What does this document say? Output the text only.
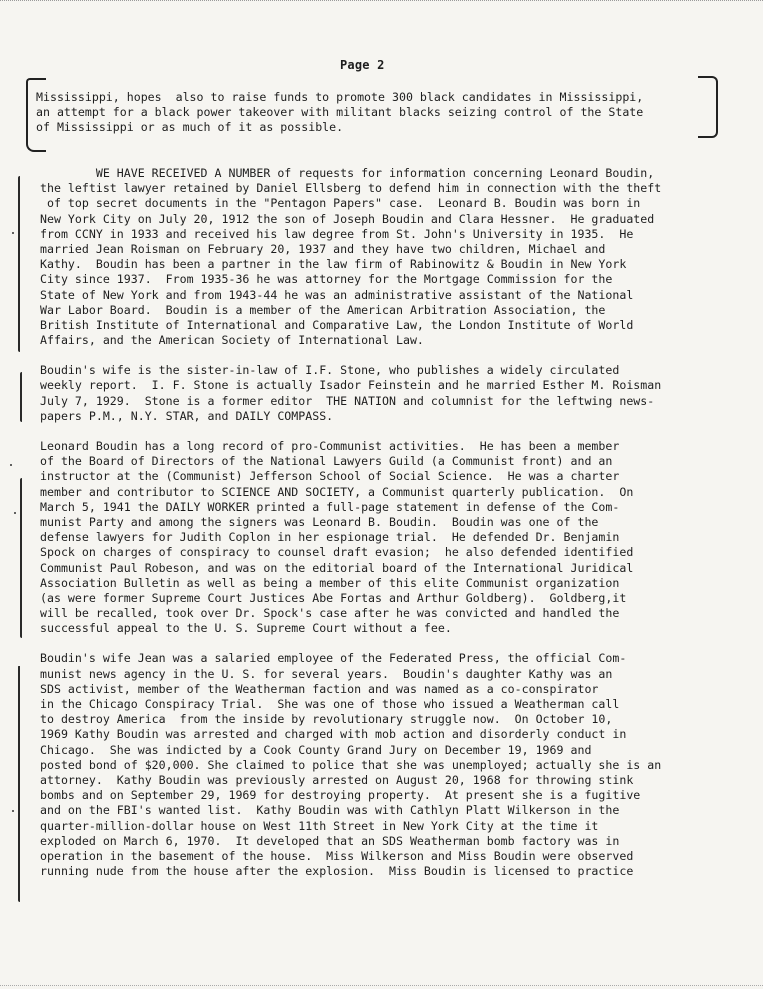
Page 2
Mississippi, hopes  also to raise funds to promote 300 black candidates in Mississippi,
an attempt for a black power takeover with militant blacks seizing control of the State
of Mississippi or as much of it as possible.
WE HAVE RECEIVED A NUMBER of requests for information concerning Leonard Boudin,
the leftist lawyer retained by Daniel Ellsberg to defend him in connection with the theft
of top secret documents in the "Pentagon Papers" case.  Leonard B. Boudin was born in
New York City on July 20, 1912 the son of Joseph Boudin and Clara Hessner.  He graduated
from CCNY in 1933 and received his law degree from St. John's University in 1935.  He
married Jean Roisman on February 20, 1937 and they have two children, Michael and
Kathy.  Boudin has been a partner in the law firm of Rabinowitz & Boudin in New York
City since 1937.  From 1935-36 he was attorney for the Mortgage Commission for the
State of New York and from 1943-44 he was an administrative assistant of the National
War Labor Board.  Boudin is a member of the American Arbitration Association, the
British Institute of International and Comparative Law, the London Institute of World
Affairs, and the American Society of International Law.
Boudin's wife is the sister-in-law of I.F. Stone, who publishes a widely circulated
weekly report.  I. F. Stone is actually Isador Feinstein and he married Esther M. Roisman
July 7, 1929.  Stone is a former editor  THE NATION and columnist for the leftwing news-
papers P.M., N.Y. STAR, and DAILY COMPASS.
Leonard Boudin has a long record of pro-Communist activities.  He has been a member
of the Board of Directors of the National Lawyers Guild (a Communist front) and an
instructor at the (Communist) Jefferson School of Social Science.  He was a charter
member and contributor to SCIENCE AND SOCIETY, a Communist quarterly publication.  On
March 5, 1941 the DAILY WORKER printed a full-page statement in defense of the Com-
munist Party and among the signers was Leonard B. Boudin.  Boudin was one of the
defense lawyers for Judith Coplon in her espionage trial.  He defended Dr. Benjamin
Spock on charges of conspiracy to counsel draft evasion;  he also defended identified
Communist Paul Robeson, and was on the editorial board of the International Juridical
Association Bulletin as well as being a member of this elite Communist organization
(as were former Supreme Court Justices Abe Fortas and Arthur Goldberg).  Goldberg,it
will be recalled, took over Dr. Spock's case after he was convicted and handled the
successful appeal to the U. S. Supreme Court without a fee.
Boudin's wife Jean was a salaried employee of the Federated Press, the official Com-
munist news agency in the U. S. for several years.  Boudin's daughter Kathy was an
SDS activist, member of the Weatherman faction and was named as a co-conspirator
in the Chicago Conspiracy Trial.  She was one of those who issued a Weatherman call
to destroy America  from the inside by revolutionary struggle now.  On October 10,
1969 Kathy Boudin was arrested and charged with mob action and disorderly conduct in
Chicago.  She was indicted by a Cook County Grand Jury on December 19, 1969 and
posted bond of $20,000. She claimed to police that she was unemployed; actually she is an
attorney.  Kathy Boudin was previously arrested on August 20, 1968 for throwing stink
bombs and on September 29, 1969 for destroying property.  At present she is a fugitive
and on the FBI's wanted list.  Kathy Boudin was with Cathlyn Platt Wilkerson in the
quarter-million-dollar house on West 11th Street in New York City at the time it
exploded on March 6, 1970.  It developed that an SDS Weatherman bomb factory was in
operation in the basement of the house.  Miss Wilkerson and Miss Boudin were observed
running nude from the house after the explosion.  Miss Boudin is licensed to practice
